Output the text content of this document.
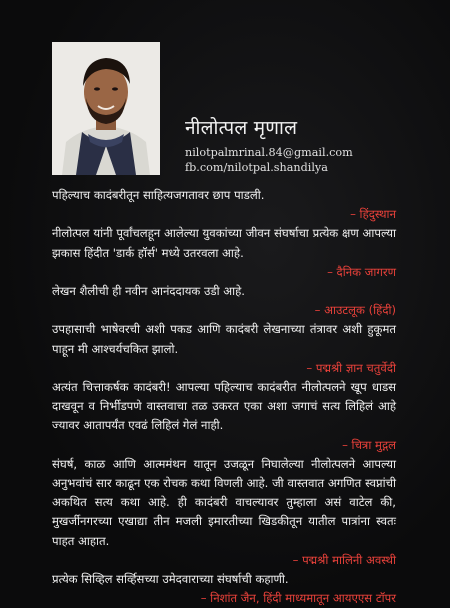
नीलोत्पल मृणाल
nilotpalmrinal.84@gmail.com
fb.com/nilotpal.shandilya

पहिल्याच कादंबरीतून साहित्यजगतावर छाप पाडली.

– हिंदुस्थान

नीलोत्पल यांनी पूर्वांचलहून आलेल्या युवकांच्या जीवन संघर्षाचा प्रत्येक क्षण आपल्या झकास हिंदीत 'डार्क हॉर्स' मध्ये उतरवला आहे.

– दैनिक जागरण

लेखन शैलीची ही नवीन आनंददायक उडी आहे.

– आउटलूक (हिंदी)

उपहासाची भाषेवरची अशी पकड आणि कादंबरी लेखनाच्या तंत्रावर अशी हुकूमत पाहून मी आश्चर्यचकित झालो.

– पद्मश्री ज्ञान चतुर्वेदी

अत्यंत चित्ताकर्षक कादंबरी! आपल्या पहिल्याच कादंबरीत नीलोत्पलने खूप धाडस दाखवून व निर्भीडपणे वास्तवाचा तळ उकरत एका अशा जगाचं सत्य लिहिलं आहे ज्यावर आतापर्यंत एवढं लिहिलं गेलं नाही.

– चित्रा मुद्गल

संघर्ष, काळ आणि आत्ममंथन यातून उजळून निघालेल्या नीलोत्पलने आपल्या अनुभवांचं सार काढून एक रोचक कथा विणली आहे. जी वास्तवात अगणित स्वप्नांची अकथित सत्य कथा आहे. ही कादंबरी वाचल्यावर तुम्हाला असं वाटेल की, मुखर्जीनगरच्या एखाद्या तीन मजली इमारतीच्या खिडकीतून यातील पात्रांना स्वतः पाहत आहात.

– पद्मश्री मालिनी अवस्थी

प्रत्येक सिव्हिल सर्व्हिसच्या उमेदवाराच्या संघर्षाची कहाणी.

– निशांत जैन, हिंदी माध्यमातून आयएएस टॉपर
